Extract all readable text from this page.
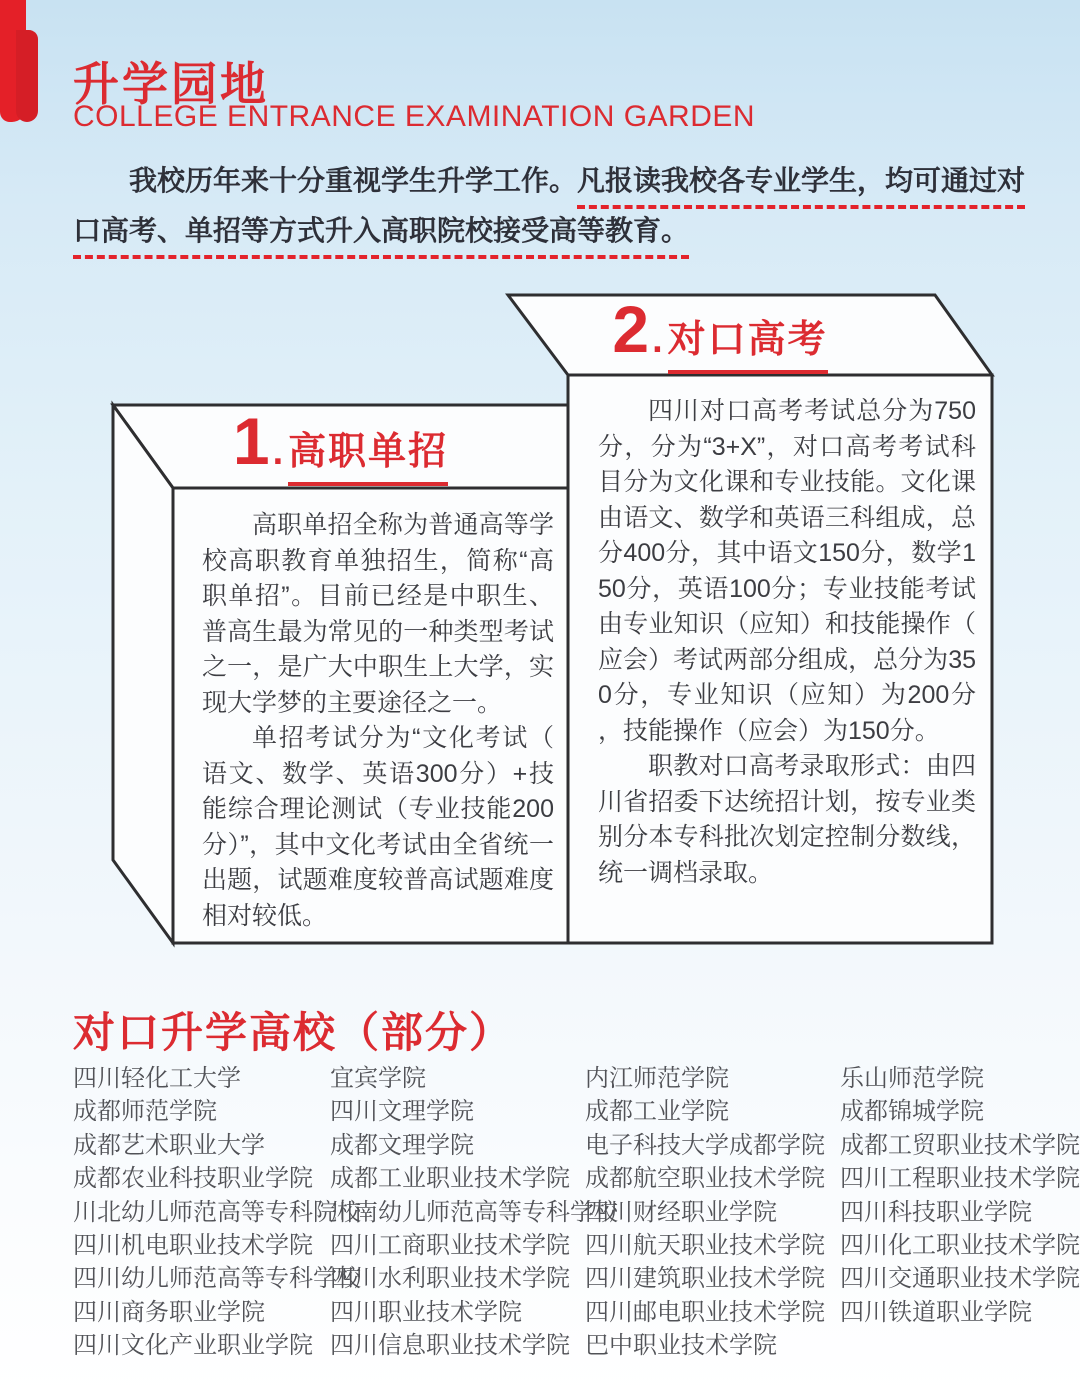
升学园地
COLLEGE ENTRANCE EXAMINATION GARDEN
我校历年来十分重视学生升学工作。凡报读我校各专业学生，均可通过对
口高考、单招等方式升入高职院校接受高等教育。
1 . 高职单招

高职单招全称为普通高等学校高职教育单独招生，简称“高职单招”。目前已经是中职生、普高生最为常见的一种类型考试之一，是广大中职生上大学，实现大学梦的主要途径之一。

单招考试分为“文化考试（语文、数学、英语300分）+技能综合理论测试（专业技能200分）”，其中文化考试由全省统一出题，试题难度较普高试题难度相对较低。

2 . 对口高考

四川对口高考考试总分为750分，分为“3+X”，对口高考考试科目分为文化课和专业技能。文化课由语文、数学和英语三科组成，总分400分，其中语文150分，数学150分，英语100分；专业技能考试由专业知识（应知）和技能操作（应会）考试两部分组成，总分为350分，专业知识（应知）为200分，技能操作（应会）为150分。

职教对口高考录取形式：由四川省招委下达统招计划，按专业类别分本专科批次划定控制分数线，统一调档录取。

对口升学高校（部分）
四川轻化工大学
成都师范学院
成都艺术职业大学
成都农业科技职业学院
川北幼儿师范高等专科院校
四川机电职业技术学院
四川幼儿师范高等专科学校
四川商务职业学院
四川文化产业职业学院
宜宾学院
四川文理学院
成都文理学院
成都工业职业技术学院
川南幼儿师范高等专科学校
四川工商职业技术学院
四川水利职业技术学院
四川职业技术学院
四川信息职业技术学院
内江师范学院
成都工业学院
电子科技大学成都学院
成都航空职业技术学院
四川财经职业学院
四川航天职业技术学院
四川建筑职业技术学院
四川邮电职业技术学院
巴中职业技术学院
乐山师范学院
成都锦城学院
成都工贸职业技术学院
四川工程职业技术学院
四川科技职业学院
四川化工职业技术学院
四川交通职业技术学院
四川铁道职业学院
